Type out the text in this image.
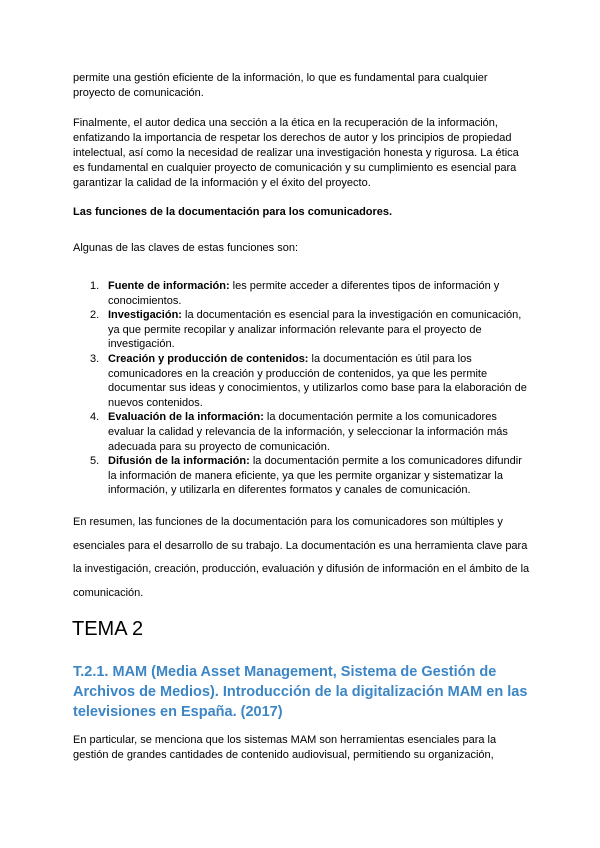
permite una gestión eficiente de la información, lo que es fundamental para cualquier proyecto de comunicación.

Finalmente, el autor dedica una sección a la ética en la recuperación de la información, enfatizando la importancia de respetar los derechos de autor y los principios de propiedad intelectual, así como la necesidad de realizar una investigación honesta y rigurosa. La ética es fundamental en cualquier proyecto de comunicación y su cumplimiento es esencial para garantizar la calidad de la información y el éxito del proyecto.

Las funciones de la documentación para los comunicadores.

Algunas de las claves de estas funciones son:

1. Fuente de información: les permite acceder a diferentes tipos de información y conocimientos.
2. Investigación: la documentación es esencial para la investigación en comunicación, ya que permite recopilar y analizar información relevante para el proyecto de investigación.
3. Creación y producción de contenidos: la documentación es útil para los comunicadores en la creación y producción de contenidos, ya que les permite documentar sus ideas y conocimientos, y utilizarlos como base para la elaboración de nuevos contenidos.
4. Evaluación de la información: la documentación permite a los comunicadores evaluar la calidad y relevancia de la información, y seleccionar la información más adecuada para su proyecto de comunicación.
5. Difusión de la información: la documentación permite a los comunicadores difundir la información de manera eficiente, ya que les permite organizar y sistematizar la información, y utilizarla en diferentes formatos y canales de comunicación.

En resumen, las funciones de la documentación para los comunicadores son múltiples y esenciales para el desarrollo de su trabajo. La documentación es una herramienta clave para la investigación, creación, producción, evaluación y difusión de información en el ámbito de la comunicación.

TEMA 2
T.2.1. MAM (Media Asset Management, Sistema de Gestión de Archivos de Medios). Introducción de la digitalización MAM en las televisiones en España. (2017)

En particular, se menciona que los sistemas MAM son herramientas esenciales para la gestión de grandes cantidades de contenido audiovisual, permitiendo su organización,
